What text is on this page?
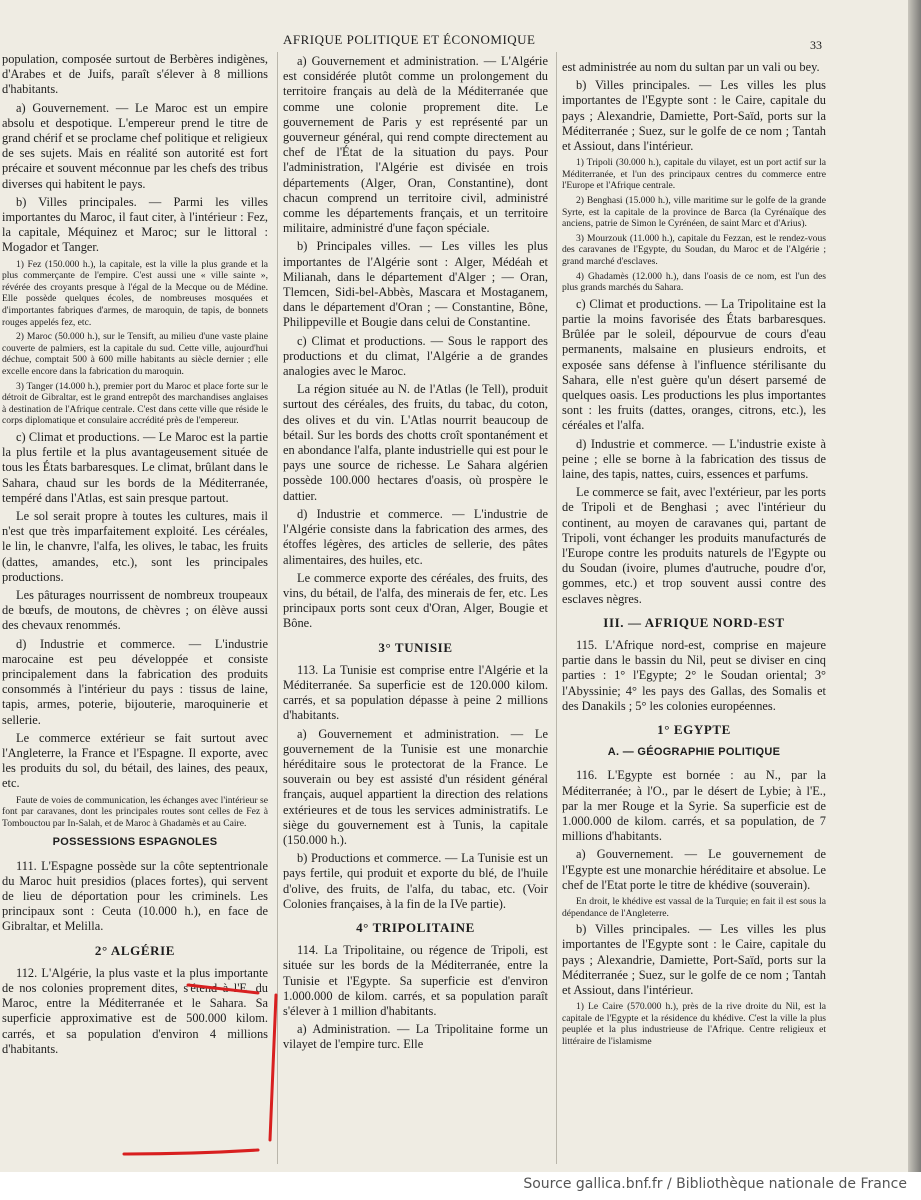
AFRIQUE POLITIQUE ET ÉCONOMIQUE	33

population, composée surtout de Berbères indigènes, d'Arabes et de Juifs, paraît s'élever à 8 millions d'habitants.

a) Gouvernement. — Le Maroc est un empire absolu et despotique. L'empereur prend le titre de grand chérif et se proclame chef politique et religieux de ses sujets. Mais en réalité son autorité est fort précaire et souvent méconnue par les chefs des tribus diverses qui habitent le pays.

b) Villes principales. — Parmi les villes importantes du Maroc, il faut citer, à l'intérieur : Fez, la capitale, Méquinez et Maroc; sur le littoral : Mogador et Tanger.

1) Fez (150.000 h.), la capitale, est la ville la plus grande et la plus commerçante de l'empire. C'est aussi une « ville sainte », révérée des croyants presque à l'égal de la Mecque ou de Médine. Elle possède quelques écoles, de nombreuses mosquées et d'importantes fabriques d'armes, de maroquin, de tapis, de bonnets rouges appelés fez, etc.

2) Maroc (50.000 h.), sur le Tensift, au milieu d'une vaste plaine couverte de palmiers, est la capitale du sud. Cette ville, aujourd'hui déchue, comptait 500 à 600 mille habitants au siècle dernier ; elle excelle encore dans la fabrication du maroquin.

3) Tanger (14.000 h.), premier port du Maroc et place forte sur le détroit de Gibraltar, est le grand entrepôt des marchandises anglaises à destination de l'Afrique centrale. C'est dans cette ville que réside le corps diplomatique et consulaire accrédité près de l'empereur.

c) Climat et productions. — Le Maroc est la partie la plus fertile et la plus avantageusement située de tous les États barbaresques. Le climat, brûlant dans le Sahara, chaud sur les bords de la Méditerranée, tempéré dans l'Atlas, est sain presque partout.

Le sol serait propre à toutes les cultures, mais il n'est que très imparfaitement exploité. Les céréales, le lin, le chanvre, l'alfa, les olives, le tabac, les fruits (dattes, amandes, etc.), sont les principales productions.

Les pâturages nourrissent de nombreux troupeaux de bœufs, de moutons, de chèvres ; on élève aussi des chevaux renommés.

d) Industrie et commerce. — L'industrie marocaine est peu développée et consiste principalement dans la fabrication des produits consommés à l'intérieur du pays : tissus de laine, tapis, armes, poterie, bijouterie, maroquinerie et sellerie.

Le commerce extérieur se fait surtout avec l'Angleterre, la France et l'Espagne. Il exporte, avec les produits du sol, du bétail, des laines, des peaux, etc.

Faute de voies de communication, les échanges avec l'intérieur se font par caravanes, dont les principales routes sont celles de Fez à Tombouctou par In-Salah, et de Maroc à Ghadamès et au Caire.

POSSESSIONS ESPAGNOLES

111. L'Espagne possède sur la côte septentrionale du Maroc huit presidios (places fortes), qui servent de lieu de déportation pour les criminels. Les principaux sont : Ceuta (10.000 h.), en face de Gibraltar, et Melilla.

2° ALGÉRIE

112. L'Algérie, la plus vaste et la plus importante de nos colonies proprement dites, s'étend à l'E. du Maroc, entre la Méditerranée et le Sahara. Sa superficie approximative est de 500.000 kilom. carrés, et sa population d'environ 4 millions d'habitants.

a) Gouvernement et administration. — L'Algérie est considérée plutôt comme un prolongement du territoire français au delà de la Méditerranée que comme une colonie proprement dite. Le gouvernement de Paris y est représenté par un gouverneur général, qui rend compte directement au chef de l'État de la situation du pays. Pour l'administration, l'Algérie est divisée en trois départements (Alger, Oran, Constantine), dont chacun comprend un territoire civil, administré comme les départements français, et un territoire militaire, administré d'une façon spéciale.

b) Principales villes. — Les villes les plus importantes de l'Algérie sont : Alger, Médéah et Milianah, dans le département d'Alger ; — Oran, Tlemcen, Sidi-bel-Abbès, Mascara et Mostaganem, dans le département d'Oran ; — Constantine, Bône, Philippeville et Bougie dans celui de Constantine.

c) Climat et productions. — Sous le rapport des productions et du climat, l'Algérie a de grandes analogies avec le Maroc.

La région située au N. de l'Atlas (le Tell), produit surtout des céréales, des fruits, du tabac, du coton, des olives et du vin. L'Atlas nourrit beaucoup de bétail. Sur les bords des chotts croît spontanément et en abondance l'alfa, plante industrielle qui est pour le pays une source de richesse. Le Sahara algérien possède 100.000 hectares d'oasis, où prospère le dattier.

d) Industrie et commerce. — L'industrie de l'Algérie consiste dans la fabrication des armes, des étoffes légères, des articles de sellerie, des pâtes alimentaires, des huiles, etc.

Le commerce exporte des céréales, des fruits, des vins, du bétail, de l'alfa, des minerais de fer, etc. Les principaux ports sont ceux d'Oran, Alger, Bougie et Bône.

3° TUNISIE

113. La Tunisie est comprise entre l'Algérie et la Méditerranée. Sa superficie est de 120.000 kilom. carrés, et sa population dépasse à peine 2 millions d'habitants.

a) Gouvernement et administration. — Le gouvernement de la Tunisie est une monarchie héréditaire sous le protectorat de la France. Le souverain ou bey est assisté d'un résident général français, auquel appartient la direction des relations extérieures et de tous les services administratifs. Le siège du gouvernement est à Tunis, la capitale (150.000 h.).

b) Productions et commerce. — La Tunisie est un pays fertile, qui produit et exporte du blé, de l'huile d'olive, des fruits, de l'alfa, du tabac, etc. (Voir Colonies françaises, à la fin de la IVe partie).

4° TRIPOLITAINE

114. La Tripolitaine, ou régence de Tripoli, est située sur les bords de la Méditerranée, entre la Tunisie et l'Egypte. Sa superficie est d'environ 1.000.000 de kilom. carrés, et sa population paraît s'élever à 1 million d'habitants.

a) Administration. — La Tripolitaine forme un vilayet de l'empire turc. Elle

est administrée au nom du sultan par un vali ou bey.

b) Villes principales. — Les villes les plus importantes de l'Egypte sont : le Caire, capitale du pays ; Alexandrie, Damiette, Port-Saïd, ports sur la Méditerranée ; Suez, sur le golfe de ce nom ; Tantah et Assiout, dans l'intérieur.

1) Tripoli (30.000 h.), capitale du vilayet, est un port actif sur la Méditerranée, et l'un des principaux centres du commerce entre l'Europe et l'Afrique centrale.

2) Benghasi (15.000 h.), ville maritime sur le golfe de la grande Syrte, est la capitale de la province de Barca (la Cyrénaïque des anciens, patrie de Simon le Cyrénéen, de saint Marc et d'Arius).

3) Mourzouk (11.000 h.), capitale du Fezzan, est le rendez-vous des caravanes de l'Egypte, du Soudan, du Maroc et de l'Algérie ; grand marché d'esclaves.

4) Ghadamès (12.000 h.), dans l'oasis de ce nom, est l'un des plus grands marchés du Sahara.

c) Climat et productions. — La Tripolitaine est la partie la moins favorisée des États barbaresques. Brûlée par le soleil, dépourvue de cours d'eau permanents, malsaine en plusieurs endroits, et exposée sans défense à l'influence stérilisante du Sahara, elle n'est guère qu'un désert parsemé de quelques oasis. Les productions les plus importantes sont : les fruits (dattes, oranges, citrons, etc.), les céréales et l'alfa.

d) Industrie et commerce. — L'industrie existe à peine ; elle se borne à la fabrication des tissus de laine, des tapis, nattes, cuirs, essences et parfums.

Le commerce se fait, avec l'extérieur, par les ports de Tripoli et de Benghasi ; avec l'intérieur du continent, au moyen de caravanes qui, partant de Tripoli, vont échanger les produits manufacturés de l'Europe contre les produits naturels de l'Egypte ou du Soudan (ivoire, plumes d'autruche, poudre d'or, gommes, etc.) et trop souvent aussi contre des esclaves nègres.

III. — AFRIQUE NORD-EST

115. L'Afrique nord-est, comprise en majeure partie dans le bassin du Nil, peut se diviser en cinq parties : 1° l'Egypte; 2° le Soudan oriental; 3° l'Abyssinie; 4° les pays des Gallas, des Somalis et des Danakils ; 5° les colonies européennes.

1° EGYPTE
A. — GÉOGRAPHIE POLITIQUE

116. L'Egypte est bornée : au N., par la Méditerranée; à l'O., par le désert de Lybie; à l'E., par la mer Rouge et la Syrie. Sa superficie est de 1.000.000 de kilom. carrés, et sa population, de 7 millions d'habitants.

a) Gouvernement. — Le gouvernement de l'Egypte est une monarchie héréditaire et absolue. Le chef de l'Etat porte le titre de khédive (souverain).

En droit, le khédive est vassal de la Turquie; en fait il est sous la dépendance de l'Angleterre.

b) Villes principales. — Les villes les plus importantes de l'Egypte sont : le Caire, capitale du pays ; Alexandrie, Damiette, Port-Saïd, ports sur la Méditerranée ; Suez, sur le golfe de ce nom ; Tantah et Assiout, dans l'intérieur.

1) Le Caire (570.000 h.), près de la rive droite du Nil, est la capitale de l'Egypte et la résidence du khédive. C'est la ville la plus peuplée et la plus industrieuse de l'Afrique. Centre religieux et littéraire de l'islamisme

Source gallica.bnf.fr / Bibliothèque nationale de France
